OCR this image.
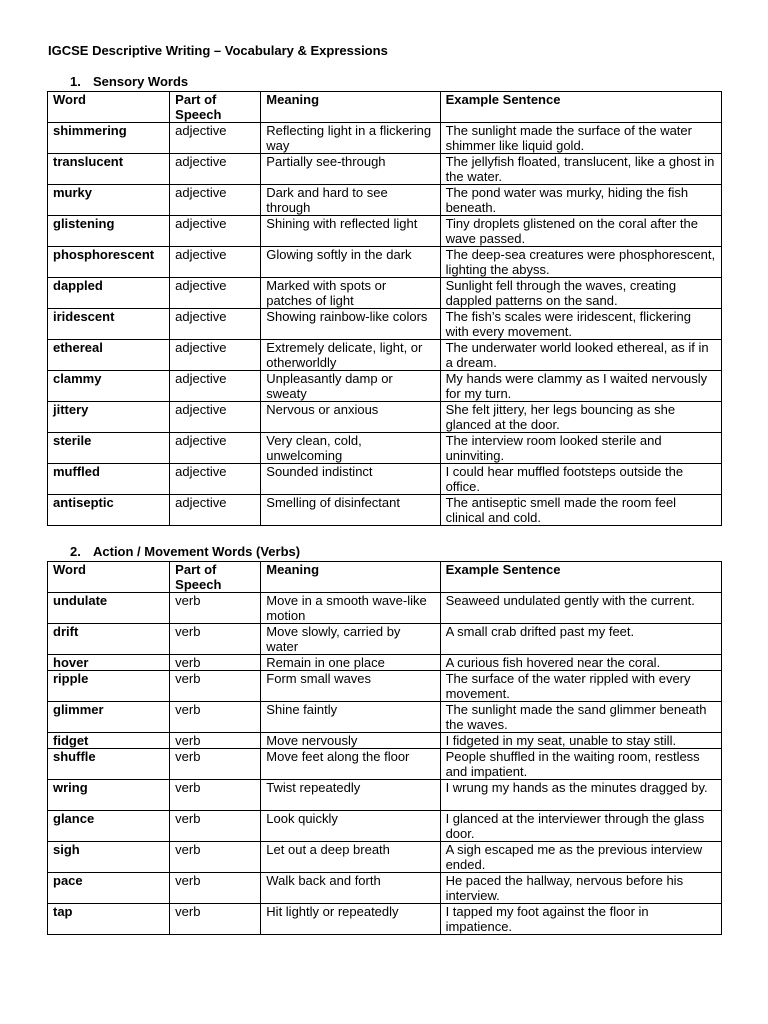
IGCSE Descriptive Writing – Vocabulary & Expressions
1. Sensory Words
Word	Part of Speech	Meaning	Example Sentence
shimmering	adjective	Reflecting light in a flickering way	The sunlight made the surface of the water shimmer like liquid gold.
translucent	adjective	Partially see-through	The jellyfish floated, translucent, like a ghost in the water.
murky	adjective	Dark and hard to see through	The pond water was murky, hiding the fish beneath.
glistening	adjective	Shining with reflected light	Tiny droplets glistened on the coral after the wave passed.
phosphorescent	adjective	Glowing softly in the dark	The deep-sea creatures were phosphorescent, lighting the abyss.
dappled	adjective	Marked with spots or patches of light	Sunlight fell through the waves, creating dappled patterns on the sand.
iridescent	adjective	Showing rainbow-like colors	The fish’s scales were iridescent, flickering with every movement.
ethereal	adjective	Extremely delicate, light, or otherworldly	The underwater world looked ethereal, as if in a dream.
clammy	adjective	Unpleasantly damp or sweaty	My hands were clammy as I waited nervously for my turn.
jittery	adjective	Nervous or anxious	She felt jittery, her legs bouncing as she glanced at the door.
sterile	adjective	Very clean, cold, unwelcoming	The interview room looked sterile and uninviting.
muffled	adjective	Sounded indistinct	I could hear muffled footsteps outside the office.
antiseptic	adjective	Smelling of disinfectant	The antiseptic smell made the room feel clinical and cold.
2. Action / Movement Words (Verbs)
Word	Part of Speech	Meaning	Example Sentence
undulate	verb	Move in a smooth wave-like motion	Seaweed undulated gently with the current.
drift	verb	Move slowly, carried by water	A small crab drifted past my feet.
hover	verb	Remain in one place	A curious fish hovered near the coral.
ripple	verb	Form small waves	The surface of the water rippled with every movement.
glimmer	verb	Shine faintly	The sunlight made the sand glimmer beneath the waves.
fidget	verb	Move nervously	I fidgeted in my seat, unable to stay still.
shuffle	verb	Move feet along the floor	People shuffled in the waiting room, restless and impatient.
wring	verb	Twist repeatedly	I wrung my hands as the minutes dragged by.
glance	verb	Look quickly	I glanced at the interviewer through the glass door.
sigh	verb	Let out a deep breath	A sigh escaped me as the previous interview ended.
pace	verb	Walk back and forth	He paced the hallway, nervous before his interview.
tap	verb	Hit lightly or repeatedly	I tapped my foot against the floor in impatience.
